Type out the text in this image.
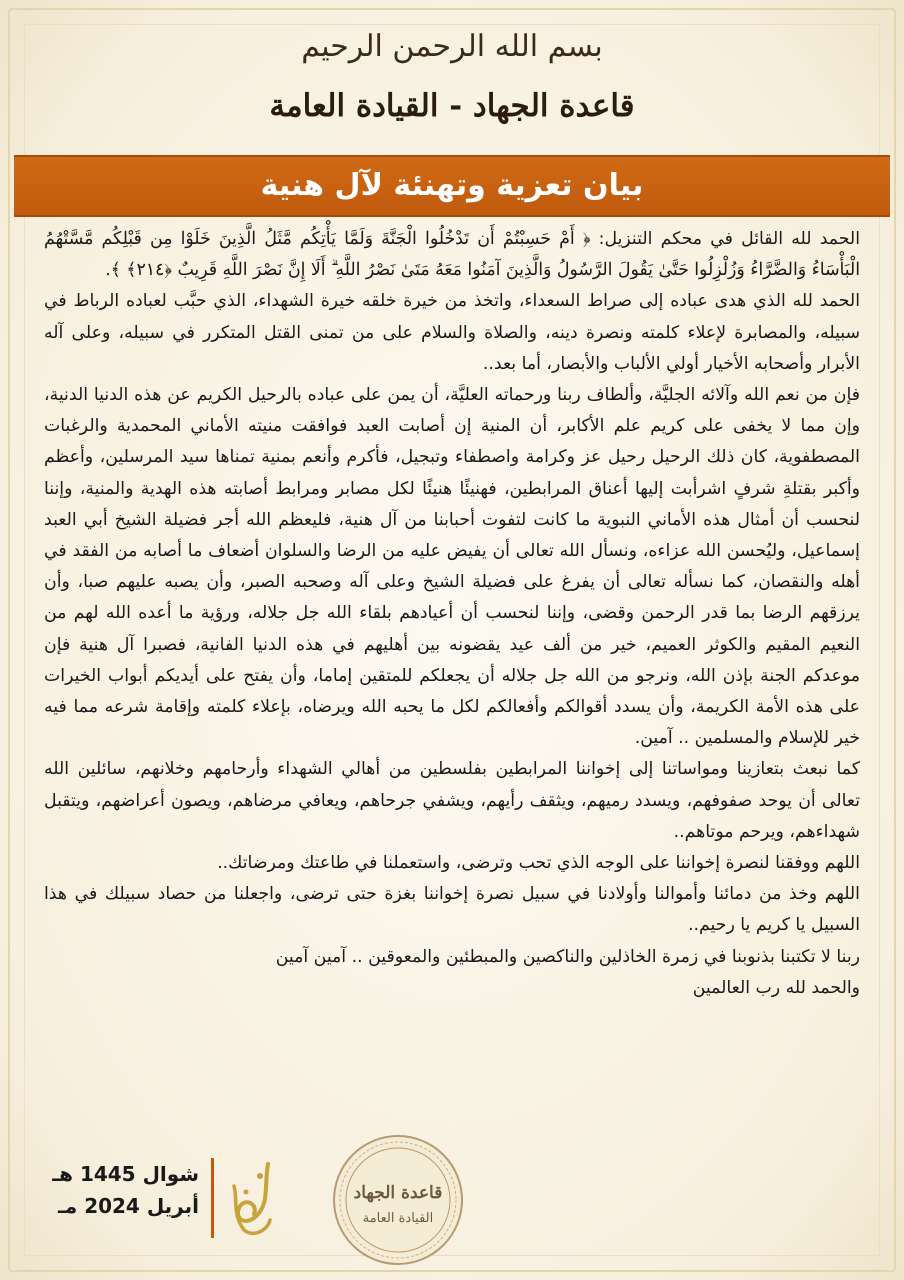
بسم الله الرحمن الرحيم
قاعدة الجهاد - القيادة العامة
بيان تعزية وتهنئة لآل هنية

الحمد لله القائل في محكم التنزيل: ﴿ أَمْ حَسِبْتُمْ أَن تَدْخُلُوا الْجَنَّةَ وَلَمَّا يَأْتِكُم مَّثَلُ الَّذِينَ خَلَوْا مِن قَبْلِكُم مَّسَّتْهُمُ الْبَأْسَاءُ وَالضَّرَّاءُ وَزُلْزِلُوا حَتَّىٰ يَقُولَ الرَّسُولُ وَالَّذِينَ آمَنُوا مَعَهُ مَتَىٰ نَصْرُ اللَّهِ ۗ أَلَا إِنَّ نَصْرَ اللَّهِ قَرِيبٌ ﴿٢١٤﴾ ﴾.

الحمد لله الذي هدى عباده إلى صراط السعداء، واتخذ من خيرة خلقه خيرة الشهداء، الذي حبَّب لعباده الرباط في سبيله، والمصابرة لإعلاء كلمته ونصرة دينه، والصلاة والسلام على من تمنى القتل المتكرر في سبيله، وعلى آله الأبرار وأصحابه الأخيار أولي الألباب والأبصار، أما بعد..

فإن من نعم الله وآلائه الجليَّة، وألطاف ربنا ورحماته العليَّة، أن يمن على عباده بالرحيل الكريم عن هذه الدنيا الدنية، وإن مما لا يخفى على كريم علم الأكابر، أن المنية إن أصابت العبد فوافقت منيته الأماني المحمدية والرغبات المصطفوية، كان ذلك الرحيل رحيل عز وكرامة واصطفاء وتبجيل، فأكرم وأنعم بمنية تمناها سيد المرسلين، وأعظم وأكبر بقتلةِ شرفٍ اشرأبت إليها أعناق المرابطين، فهنيئًا هنيئًا لكل مصابر ومرابط أصابته هذه الهدية والمنية، وإننا لنحسب أن أمثال هذه الأماني النبوية ما كانت لتفوت أحبابنا من آل هنية، فليعظم الله أجر فضيلة الشيخ أبي العبد إسماعيل، وليُحسن الله عزاءه، ونسأل الله تعالى أن يفيض عليه من الرضا والسلوان أضعاف ما أصابه من الفقد في أهله والنقصان، كما نسأله تعالى أن يفرغ على فضيلة الشيخ وعلى آله وصحبه الصبر، وأن يصبه عليهم صبا، وأن يرزقهم الرضا بما قدر الرحمن وقضى، وإننا لنحسب أن أعيادهم بلقاء الله جل جلاله، ورؤية ما أعده الله لهم من النعيم المقيم والكوثر العميم، خير من ألف عيد يقضونه بين أهليهم في هذه الدنيا الفانية، فصبرا آل هنية فإن موعدكم الجنة بإذن الله، ونرجو من الله جل جلاله أن يجعلكم للمتقين إماما، وأن يفتح على أيديكم أبواب الخيرات على هذه الأمة الكريمة، وأن يسدد أقوالكم وأفعالكم لكل ما يحبه الله ويرضاه، بإعلاء كلمته وإقامة شرعه مما فيه خير للإسلام والمسلمين .. آمين.

كما نبعث بتعازينا ومواساتنا إلى إخواننا المرابطين بفلسطين من أهالي الشهداء وأرحامهم وخلانهم، سائلين الله تعالى أن يوحد صفوفهم، ويسدد رميهم، ويثقف رأيهم، ويشفي جرحاهم، ويعافي مرضاهم، ويصون أعراضهم، ويتقبل شهداءهم، ويرحم موتاهم..

اللهم ووفقنا لنصرة إخواننا على الوجه الذي تحب وترضى، واستعملنا في طاعتك ومرضاتك..

اللهم وخذ من دمائنا وأموالنا وأولادنا في سبيل نصرة إخواننا بغزة حتى ترضى، واجعلنا من حصاد سبيلك في هذا السبيل يا كريم يا رحيم..

ربنا لا تكتبنا بذنوبنا في زمرة الخاذلين والناكصين والمبطئين والمعوقين .. آمين آمين

والحمد لله رب العالمين

شوال 1445 هـ
أبريل 2024 مـ
قاعدة الجهاد
القيادة العامة
